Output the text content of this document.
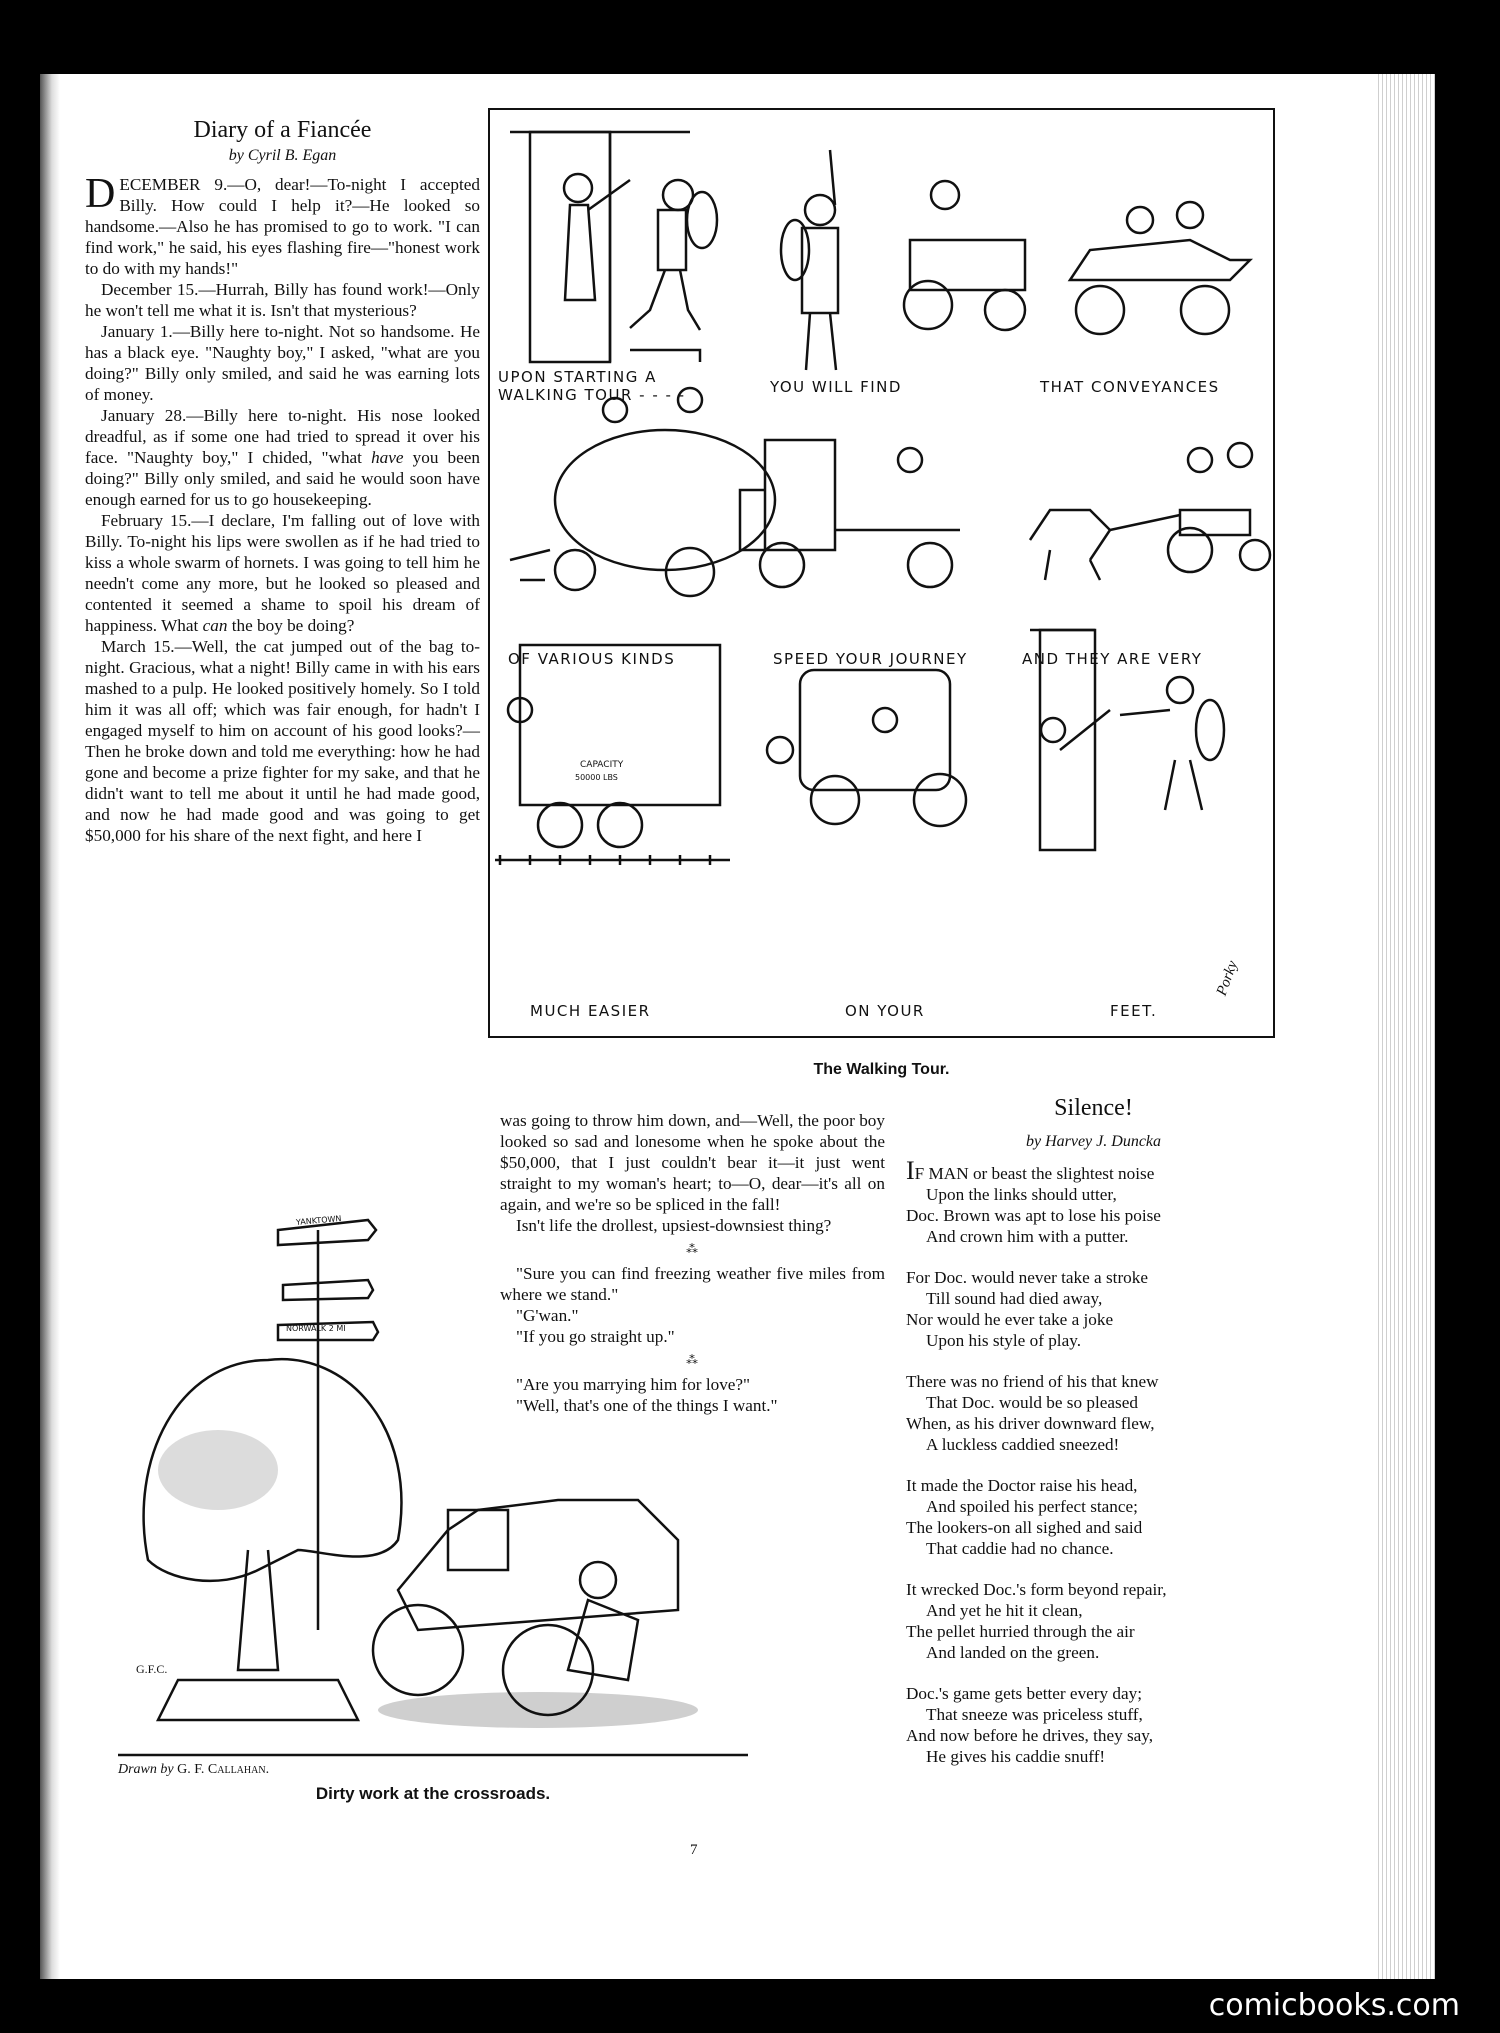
Diary of a Fiancée
by Cyril B. Egan

DECEMBER 9.—O, dear!—To-night I accepted Billy. How could I help it?—He looked so handsome.—Also he has promised to go to work. "I can find work," he said, his eyes flashing fire—"honest work to do with my hands!"

December 15.—Hurrah, Billy has found work!—Only he won't tell me what it is. Isn't that mysterious?

January 1.—Billy here to-night. Not so handsome. He has a black eye. "Naughty boy," I asked, "what are you doing?" Billy only smiled, and said he was earning lots of money.

January 28.—Billy here to-night. His nose looked dreadful, as if some one had tried to spread it over his face. "Naughty boy," I chided, "what have you been doing?" Billy only smiled, and said he would soon have enough earned for us to go housekeeping.

February 15.—I declare, I'm falling out of love with Billy. To-night his lips were swollen as if he had tried to kiss a whole swarm of hornets. I was going to tell him he needn't come any more, but he looked so pleased and contented it seemed a shame to spoil his dream of happiness. What can the boy be doing?

March 15.—Well, the cat jumped out of the bag to-night. Gracious, what a night! Billy came in with his ears mashed to a pulp. He looked positively homely. So I told him it was all off; which was fair enough, for hadn't I engaged myself to him on account of his good looks?—Then he broke down and told me everything: how he had gone and become a prize fighter for my sake, and that he didn't want to tell me about it until he had made good, and now he had made good and was going to get $50,000 for his share of the next fight, and here I

UPON STARTING A
WALKING TOUR - - - -	YOU WILL FIND	THAT CONVEYANCES
OF VARIOUS KINDS	SPEED YOUR JOURNEY	AND THEY ARE VERY
MUCH EASIER	ON YOUR	FEET.
CAPACITY
50000 LBS
Porky
The Walking Tour.

was going to throw him down, and—Well, the poor boy looked so sad and lonesome when he spoke about the $50,000, that I just couldn't bear it—it just went straight to my woman's heart; to—O, dear—it's all on again, and we're so be spliced in the fall!

Isn't life the drollest, upsiest-downsiest thing?

⁂

"Sure you can find freezing weather five miles from where we stand."

"G'wan."

"If you go straight up."

⁂

"Are you marrying him for love?"

"Well, that's one of the things I want."

Silence!
by Harvey J. Duncka
IF MAN or beast the slightest noise
Upon the links should utter,
Doc. Brown was apt to lose his poise
And crown him with a putter.
For Doc. would never take a stroke
Till sound had died away,
Nor would he ever take a joke
Upon his style of play.
There was no friend of his that knew
That Doc. would be so pleased
When, as his driver downward flew,
A luckless caddied sneezed!
It made the Doctor raise his head,
And spoiled his perfect stance;
The lookers-on all sighed and said
That caddie had no chance.
It wrecked Doc.'s form beyond repair,
And yet he hit it clean,
The pellet hurried through the air
And landed on the green.
Doc.'s game gets better every day;
That sneeze was priceless stuff,
And now before he drives, they say,
He gives his caddie snuff!
YANKTOWN
NORWALK 2 MI
G.F.C.
Drawn by G. F. Callahan.
Dirty work at the crossroads.
7
comicbooks.com
